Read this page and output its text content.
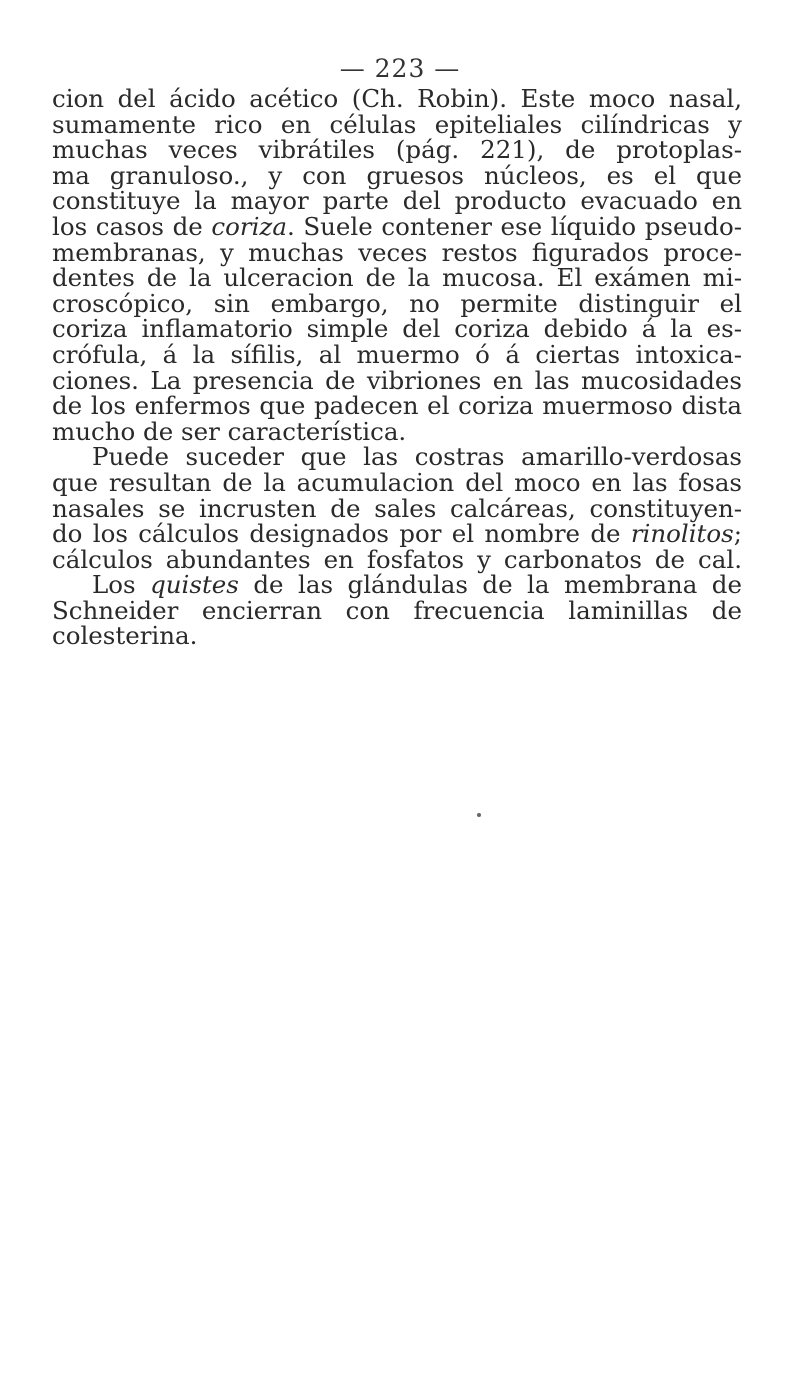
— 223 —
cion del ácido acético (Ch. Robin). Este moco nasal,
sumamente rico en células epiteliales cilíndricas y
muchas veces vibrátiles (pág. 221), de protoplas-
ma granuloso., y con gruesos núcleos, es el que
constituye la mayor parte del producto evacuado en
los casos de coriza. Suele contener ese líquido pseudo-
membranas, y muchas veces restos figurados proce-
dentes de la ulceracion de la mucosa. El exámen mi-
croscópico, sin embargo, no permite distinguir el
coriza inflamatorio simple del coriza debido á la es-
crófula, á la sífilis, al muermo ó á ciertas intoxica-
ciones. La presencia de vibriones en las mucosidades
de los enfermos que padecen el coriza muermoso dista
mucho de ser característica.
Puede suceder que las costras amarillo-verdosas
que resultan de la acumulacion del moco en las fosas
nasales se incrusten de sales calcáreas, constituyen-
do los cálculos designados por el nombre de rinolitos;
cálculos abundantes en fosfatos y carbonatos de cal.
Los quistes de las glándulas de la membrana de
Schneider encierran con frecuencia laminillas de
colesterina.
